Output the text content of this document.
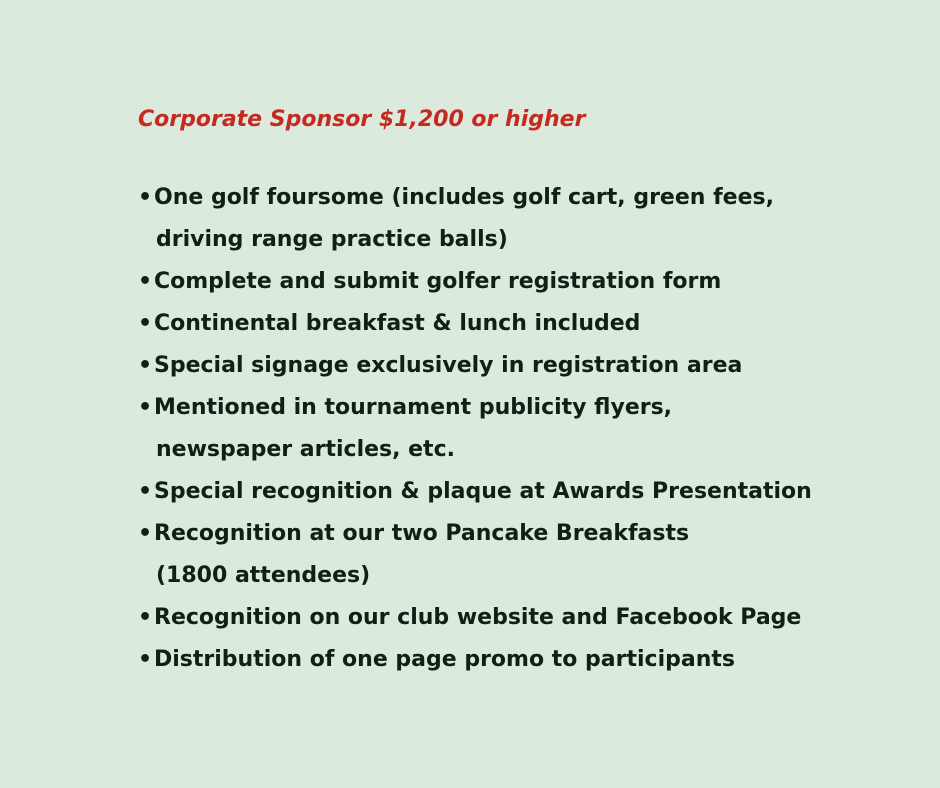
Corporate Sponsor $1,200 or higher
•One golf foursome (includes golf cart, green fees,
driving range practice balls)
•Complete and submit golfer registration form
•Continental breakfast & lunch included
•Special signage exclusively in registration area
•Mentioned in tournament publicity flyers,
newspaper articles, etc.
•Special recognition & plaque at Awards Presentation
•Recognition at our two Pancake Breakfasts
(1800 attendees)
•Recognition on our club website and Facebook Page
•Distribution of one page promo to participants
